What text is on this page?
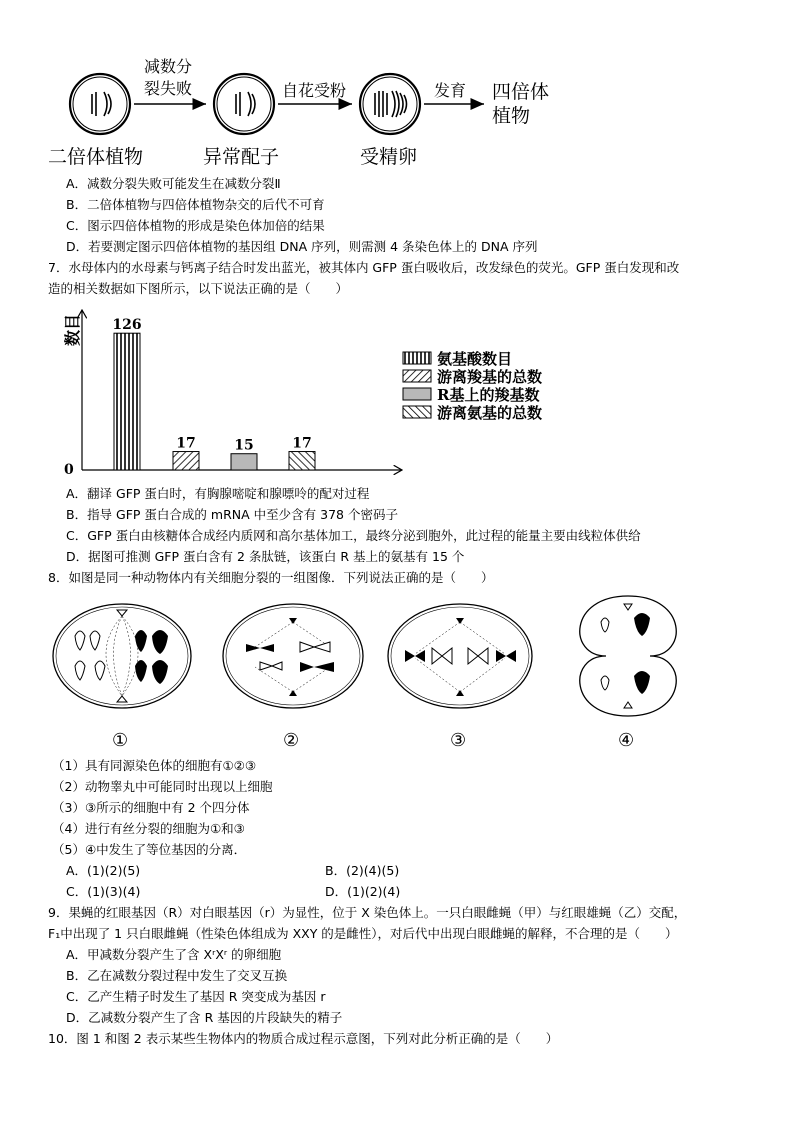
减数分裂失败	自花受粉	发育
二倍体植物	异常配子	受精卵
四倍体植物
A．减数分裂失败可能发生在减数分裂Ⅱ
B．二倍体植物与四倍体植物杂交的后代不可育
C．图示四倍体植物的形成是染色体加倍的结果
D．若要测定图示四倍体植物的基因组 DNA 序列，则需测 4 条染色体上的 DNA 序列
7．水母体内的水母素与钙离子结合时发出蓝光，被其体内 GFP 蛋白吸收后，改发绿色的荧光。GFP 蛋白发现和改
造的相关数据如下图所示，以下说法正确的是（　　）
数目
0
126
17	15	17
氨基酸数目
游离羧基的总数
R基上的羧基数
游离氨基的总数
A．翻译 GFP 蛋白时，有胸腺嘧啶和腺嘌呤的配对过程
B．指导 GFP 蛋白合成的 mRNA 中至少含有 378 个密码子
C．GFP 蛋白由核糖体合成经内质网和高尔基体加工，最终分泌到胞外，此过程的能量主要由线粒体供给
D．据图可推测 GFP 蛋白含有 2 条肽链，该蛋白 R 基上的氨基有 15 个
8．如图是同一种动物体内有关细胞分裂的一组图像．下列说法正确的是（　　）
①	②	③	④
（1）具有同源染色体的细胞有①②③
（2）动物睾丸中可能同时出现以上细胞
（3）③所示的细胞中有 2 个四分体
（4）进行有丝分裂的细胞为①和③
（5）④中发生了等位基因的分离．
A．(1)(2)(5)	B．(2)(4)(5)
C．(1)(3)(4)	D．(1)(2)(4)
9．果蝇的红眼基因（R）对白眼基因（r）为显性，位于 X 染色体上。一只白眼雌蝇（甲）与红眼雄蝇（乙）交配，
F₁中出现了 1 只白眼雌蝇（性染色体组成为 XXY 的是雌性），对后代中出现白眼雌蝇的解释，不合理的是（　　）
A．甲减数分裂产生了含 XʳXʳ 的卵细胞
B．乙在减数分裂过程中发生了交叉互换
C．乙产生精子时发生了基因 R 突变成为基因 r
D．乙减数分裂产生了含 R 基因的片段缺失的精子
10．图 1 和图 2 表示某些生物体内的物质合成过程示意图，下列对此分析正确的是（　　）
